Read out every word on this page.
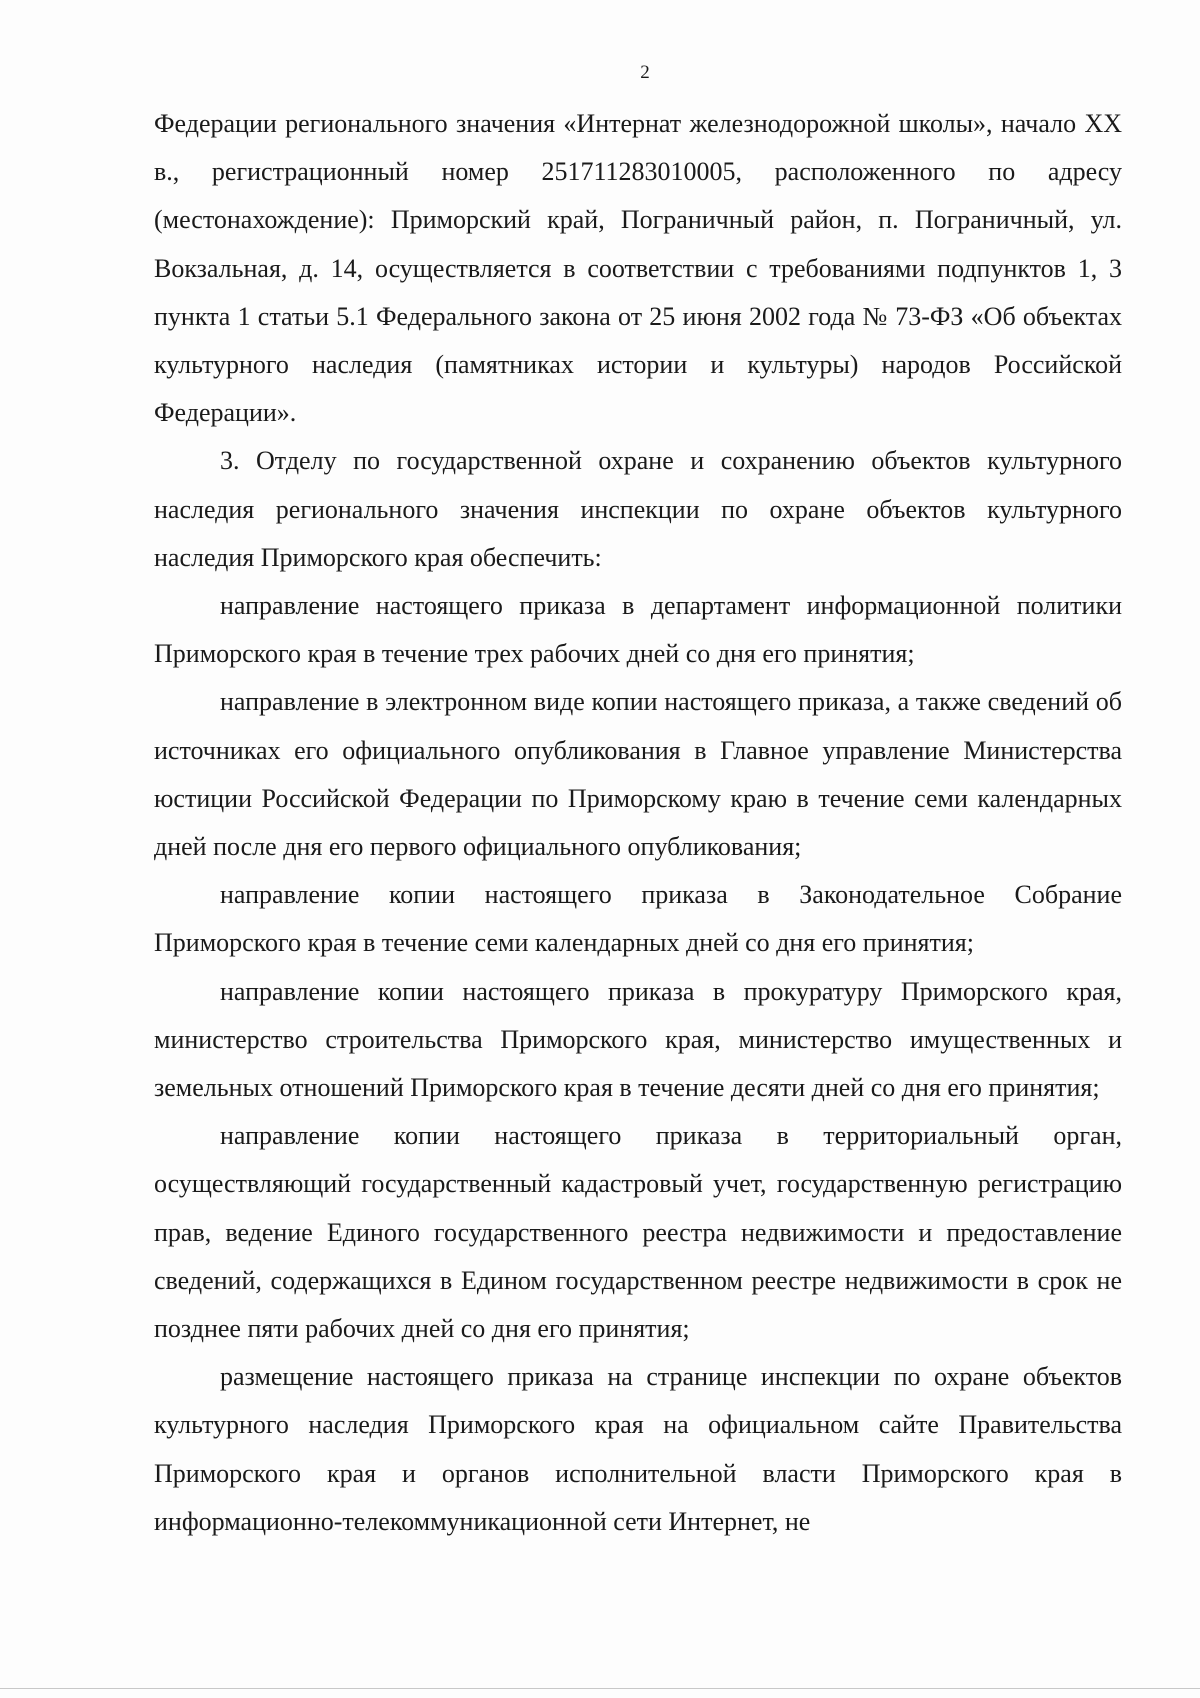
2

Федерации регионального значения «Интернат железнодорожной школы», начало XX в., регистрационный номер 251711283010005, расположенного по адресу (местонахождение): Приморский край, Пограничный район, п. Пограничный, ул. Вокзальная, д. 14, осуществляется в соответствии с требованиями подпунктов 1, 3 пункта 1 статьи 5.1 Федерального закона от 25 июня 2002 года № 73-ФЗ «Об объектах культурного наследия (памятниках истории и культуры) народов Российской Федерации».

3. Отделу по государственной охране и сохранению объектов культурного наследия регионального значения инспекции по охране объектов культурного наследия Приморского края обеспечить:

направление настоящего приказа в департамент информационной политики Приморского края в течение трех рабочих дней со дня его принятия;

направление в электронном виде копии настоящего приказа, а также сведений об источниках его официального опубликования в Главное управление Министерства юстиции Российской Федерации по Приморскому краю в течение семи календарных дней после дня его первого официального опубликования;

направление копии настоящего приказа в Законодательное Собрание Приморского края в течение семи календарных дней со дня его принятия;

направление копии настоящего приказа в прокуратуру Приморского края, министерство строительства Приморского края, министерство имущественных и земельных отношений Приморского края в течение десяти дней со дня его принятия;

направление копии настоящего приказа в территориальный орган, осуществляющий государственный кадастровый учет, государственную регистрацию прав, ведение Единого государственного реестра недвижимости и предоставление сведений, содержащихся в Едином государственном реестре недвижимости в срок не позднее пяти рабочих дней со дня его принятия;

размещение настоящего приказа на странице инспекции по охране объектов культурного наследия Приморского края на официальном сайте Правительства Приморского края и органов исполнительной власти Приморского края в информационно-телекоммуникационной сети Интернет, не
